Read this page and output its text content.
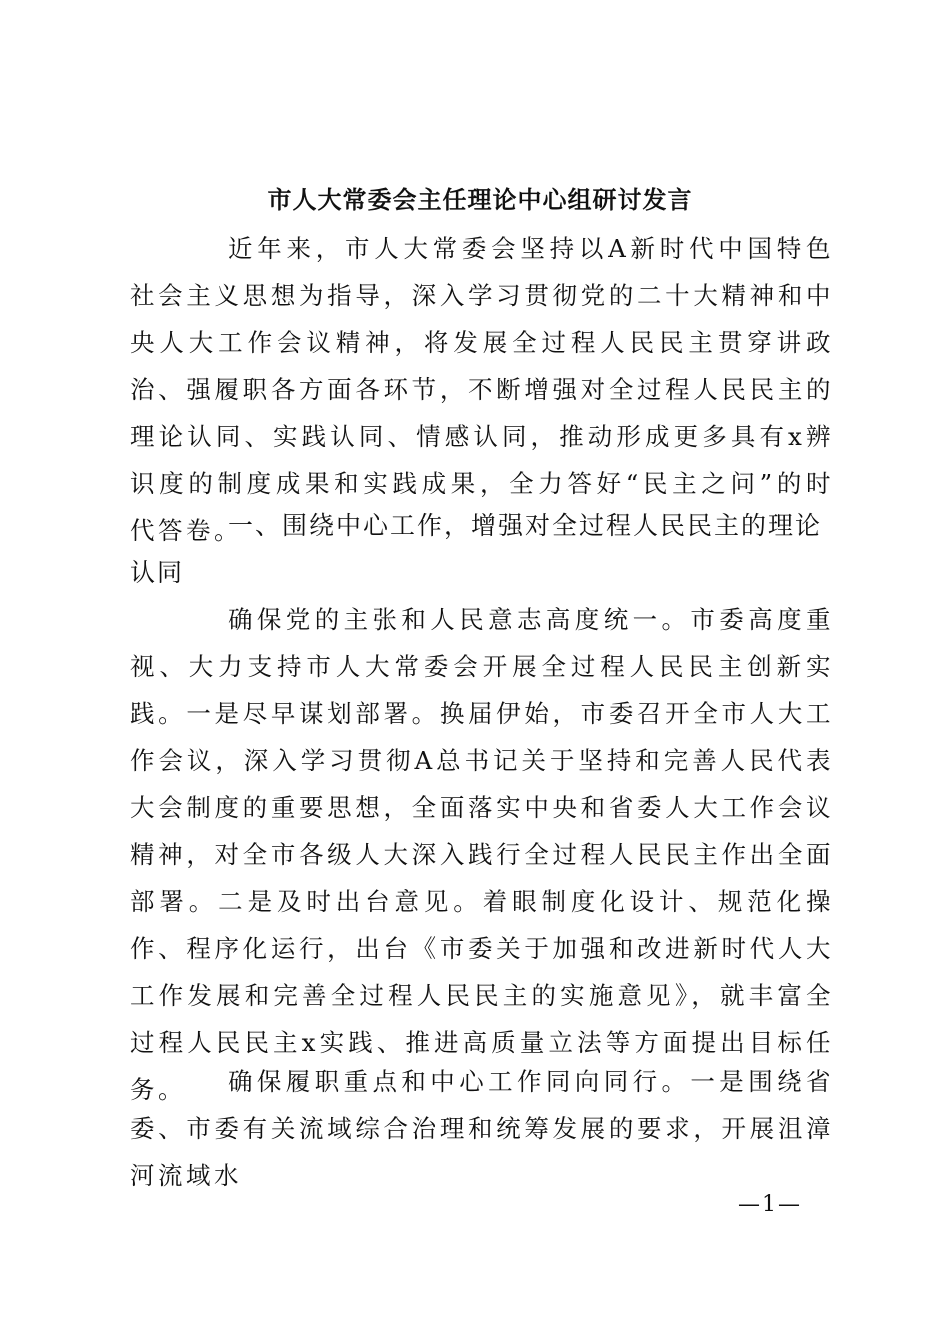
市人大常委会主任理论中心组研讨发言

近年来，市人大常委会坚持以A新时代中国特色社会主义思想为指导，深入学习贯彻党的二十大精神和中央人大工作会议精神，将发展全过程人民民主贯穿讲政治、强履职各方面各环节，不断增强对全过程人民民主的理论认同、实践认同、情感认同，推动形成更多具有x辨识度的制度成果和实践成果，全力答好“民主之问”的时代答卷。

一、围绕中心工作，增强对全过程人民民主的理论认同

确保党的主张和人民意志高度统一。市委高度重视、大力支持市人大常委会开展全过程人民民主创新实践。一是尽早谋划部署。换届伊始，市委召开全市人大工作会议，深入学习贯彻A总书记关于坚持和完善人民代表大会制度的重要思想，全面落实中央和省委人大工作会议精神，对全市各级人大深入践行全过程人民民主作出全面部署。二是及时出台意见。着眼制度化设计、规范化操作、程序化运行，出台《市委关于加强和改进新时代人大工作发展和完善全过程人民民主的实施意见》，就丰富全过程人民民主x实践、推进高质量立法等方面提出目标任务。	确保履职重点和中心工作同向同行。一是围绕省委、市委有关流域综合治理和统筹发展的要求，开展沮漳河流域水

—1—
